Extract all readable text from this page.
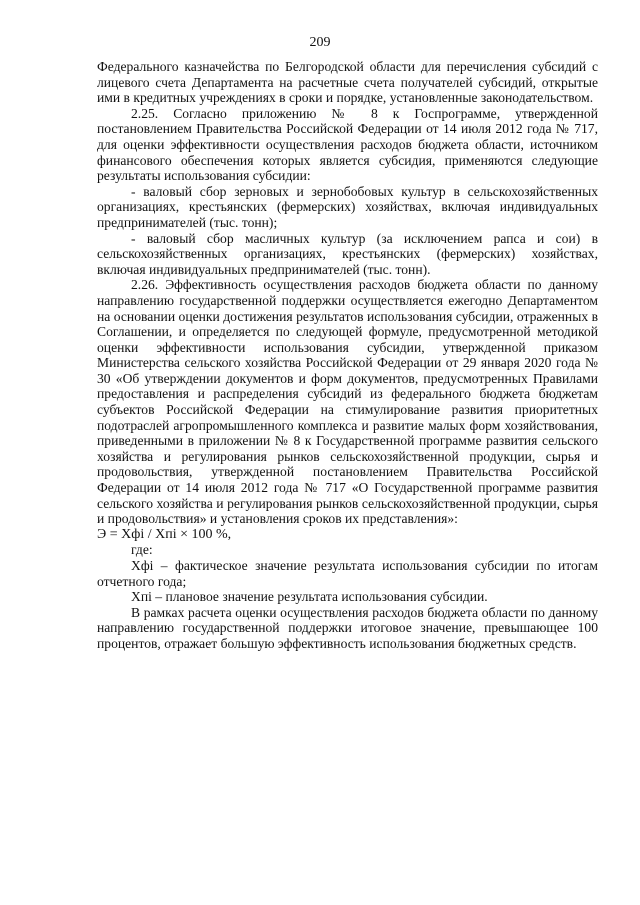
209

Федерального казначейства по Белгородской области для перечисления субсидий с лицевого счета Департамента на расчетные счета получателей субсидий, открытые ими в кредитных учреждениях в сроки и порядке, установленные законодательством.

2.25. Согласно приложению № 8 к Госпрограмме, утвержденной постановлением Правительства Российской Федерации от 14 июля 2012 года № 717, для оценки эффективности осуществления расходов бюджета области, источником финансового обеспечения которых является субсидия, применяются следующие результаты использования субсидии:

- валовый сбор зерновых и зернобобовых культур в сельскохозяйственных организациях, крестьянских (фермерских) хозяйствах, включая индивидуальных предпринимателей (тыс. тонн);

- валовый сбор масличных культур (за исключением рапса и сои) в сельскохозяйственных организациях, крестьянских (фермерских) хозяйствах, включая индивидуальных предпринимателей (тыс. тонн).

2.26. Эффективность осуществления расходов бюджета области по данному направлению государственной поддержки осуществляется ежегодно Департаментом на основании оценки достижения результатов использования субсидии, отраженных в Соглашении, и определяется по следующей формуле, предусмотренной методикой оценки эффективности использования субсидии, утвержденной приказом Министерства сельского хозяйства Российской Федерации от 29 января 2020 года № 30 «Об утверждении документов и форм документов, предусмотренных Правилами предоставления и распределения субсидий из федерального бюджета бюджетам субъектов Российской Федерации на стимулирование развития приоритетных подотраслей агропромышленного комплекса и развитие малых форм хозяйствования, приведенными в приложении № 8 к Государственной программе развития сельского хозяйства и регулирования рынков сельскохозяйственной продукции, сырья и продовольствия, утвержденной постановлением Правительства Российской Федерации от 14 июля 2012 года № 717 «О Государственной программе развития сельского хозяйства и регулирования рынков сельскохозяйственной продукции, сырья и продовольствия» и установления сроков их представления»:

Э = Xфi / Xпi × 100 %,

где:

Xфi – фактическое значение результата использования субсидии по итогам отчетного года;

Xпi – плановое значение результата использования субсидии.

В рамках расчета оценки осуществления расходов бюджета области по данному направлению государственной поддержки итоговое значение, превышающее 100 процентов, отражает большую эффективность использования бюджетных средств.
